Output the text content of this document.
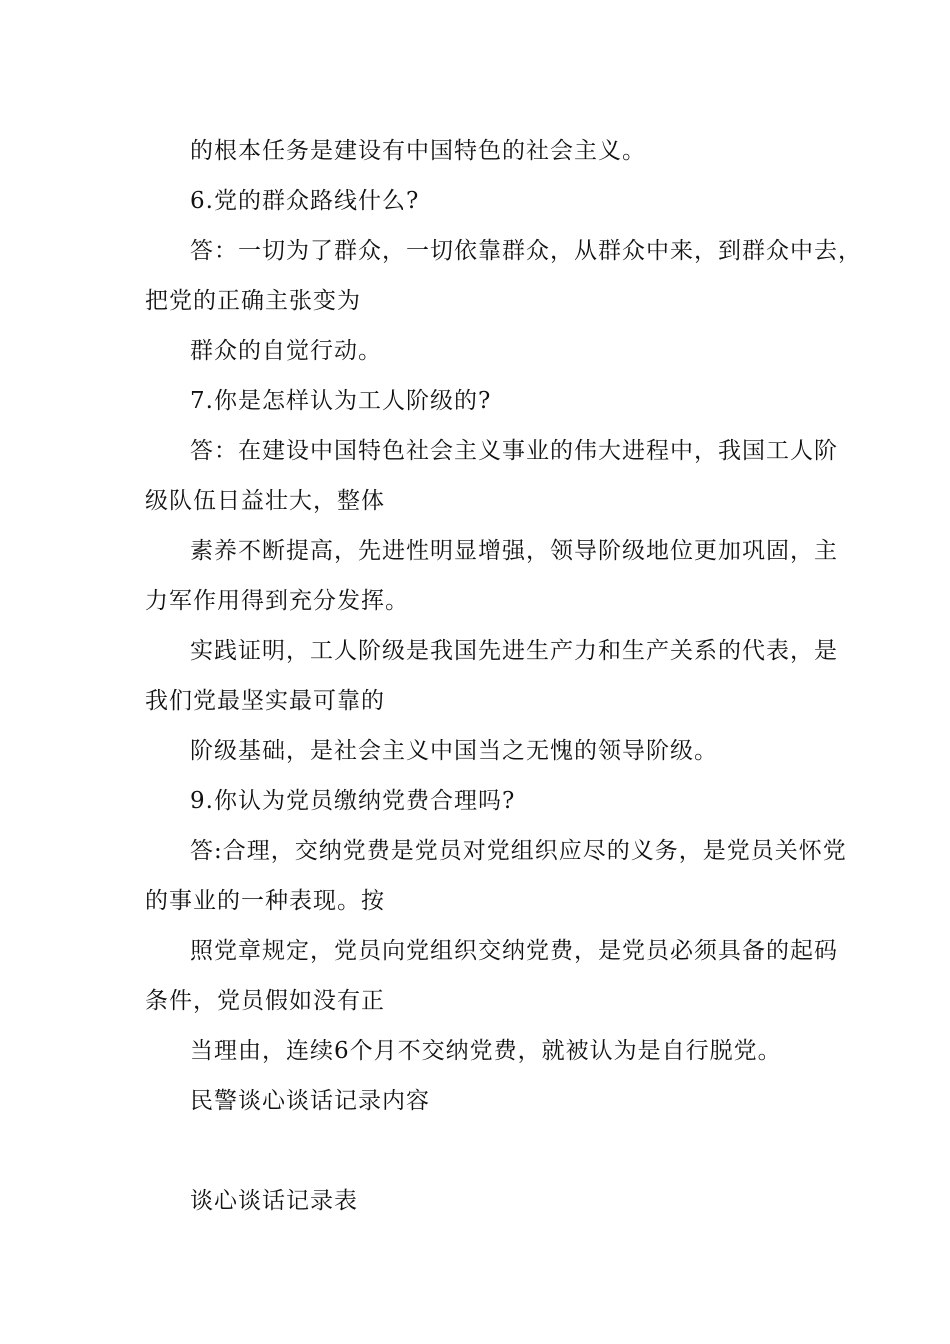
的根本任务是建设有中国特色的社会主义。
6.党的群众路线什么?
答：一切为了群众，一切依靠群众，从群众中来，到群众中去，
把党的正确主张变为
群众的自觉行动。
7.你是怎样认为工人阶级的?
答：在建设中国特色社会主义事业的伟大进程中，我国工人阶
级队伍日益壮大，整体
素养不断提高，先进性明显增强，领导阶级地位更加巩固，主
力军作用得到充分发挥。
实践证明，工人阶级是我国先进生产力和生产关系的代表，是
我们党最坚实最可靠的
阶级基础，是社会主义中国当之无愧的领导阶级。
9.你认为党员缴纳党费合理吗?
答:合理，交纳党费是党员对党组织应尽的义务，是党员关怀党
的事业的一种表现。按
照党章规定，党员向党组织交纳党费，是党员必须具备的起码
条件，党员假如没有正
当理由，连续6个月不交纳党费，就被认为是自行脱党。
民警谈心谈话记录内容
谈心谈话记录表
